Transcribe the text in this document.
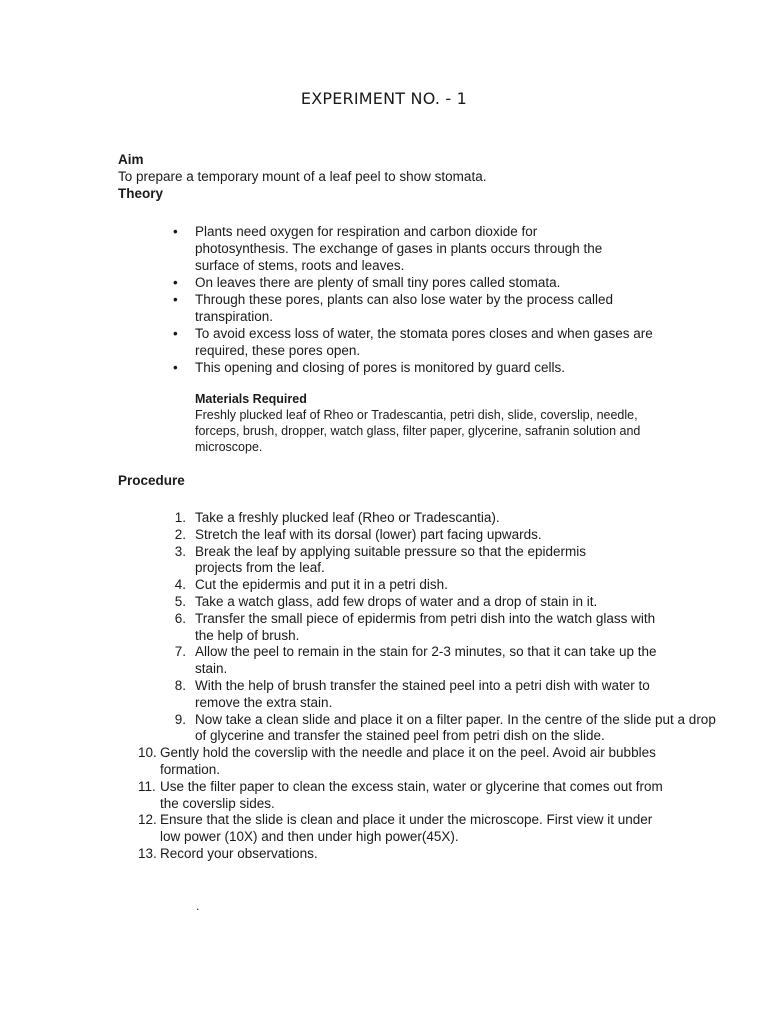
EXPERIMENT NO. - 1
Aim
To prepare a temporary mount of a leaf peel to show stomata.
Theory
• Plants need oxygen for respiration and carbon dioxide for photosynthesis. The exchange of gases in plants occurs through the surface of stems, roots and leaves.
• On leaves there are plenty of small tiny pores called stomata.
• Through these pores, plants can also lose water by the process called transpiration.
• To avoid excess loss of water, the stomata pores closes and when gases are required, these pores open.
• This opening and closing of pores is monitored by guard cells.
Materials Required
Freshly plucked leaf of Rheo or Tradescantia, petri dish, slide, coverslip, needle, forceps, brush, dropper, watch glass, filter paper, glycerine, safranin solution and microscope.
Procedure
1. Take a freshly plucked leaf (Rheo or Tradescantia).
2. Stretch the leaf with its dorsal (lower) part facing upwards.
3. Break the leaf by applying suitable pressure so that the epidermis projects from the leaf.
4. Cut the epidermis and put it in a petri dish.
5. Take a watch glass, add few drops of water and a drop of stain in it.
6. Transfer the small piece of epidermis from petri dish into the watch glass with the help of brush.
7. Allow the peel to remain in the stain for 2-3 minutes, so that it can take up the stain.
8. With the help of brush transfer the stained peel into a petri dish with water to remove the extra stain.
9. Now take a clean slide and place it on a filter paper. In the centre of the slide put a drop of glycerine and transfer the stained peel from petri dish on the slide.
10. Gently hold the coverslip with the needle and place it on the peel. Avoid air bubbles formation.
11. Use the filter paper to clean the excess stain, water or glycerine that comes out from the coverslip sides.
12. Ensure that the slide is clean and place it under the microscope. First view it under low power (10X) and then under high power(45X).
13. Record your observations.
.
